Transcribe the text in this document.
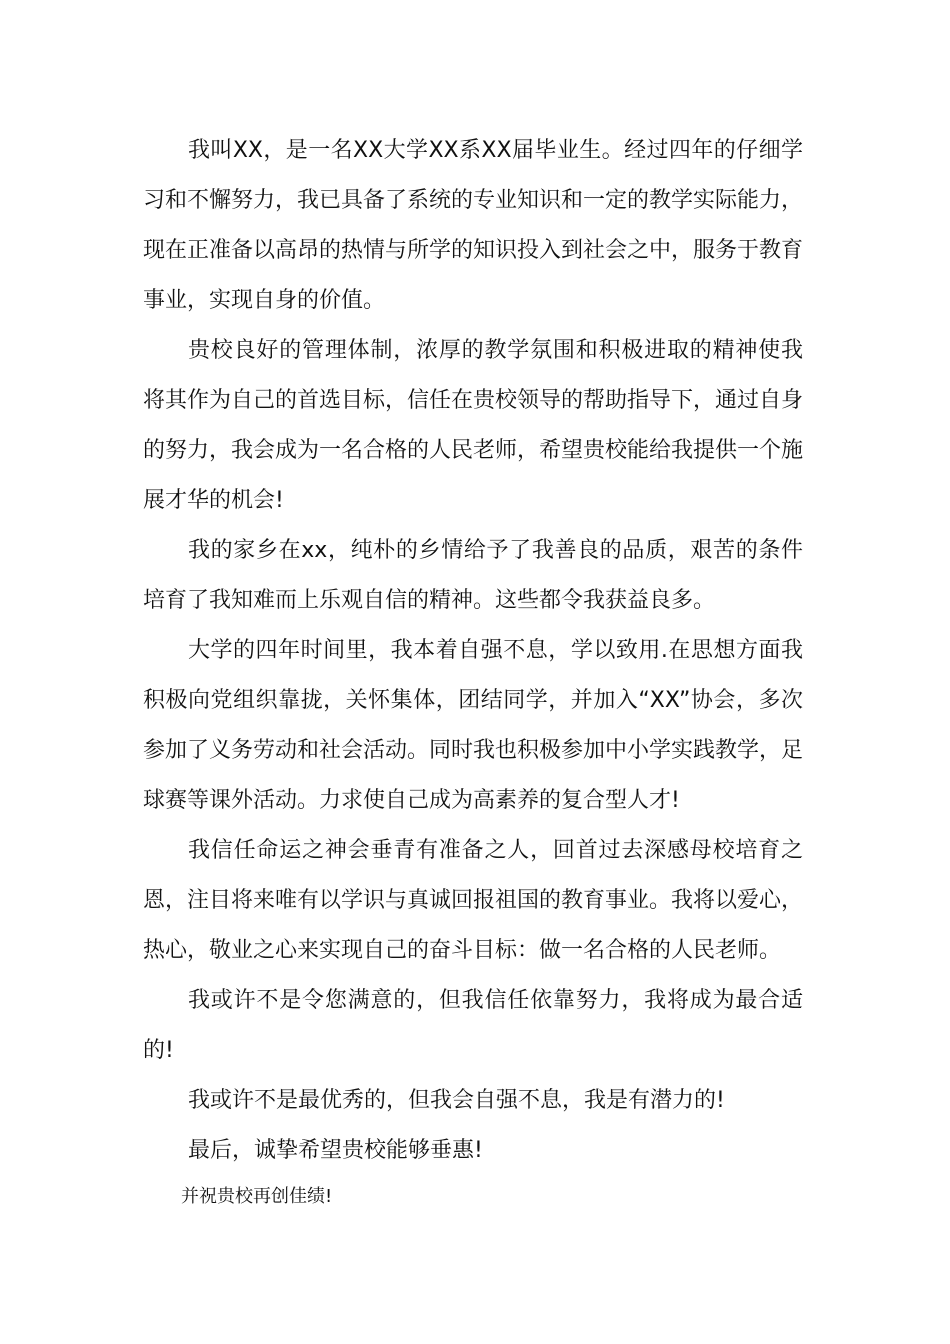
我叫XX，是一名XX大学XX系XX届毕业生。经过四年的仔细学习和不懈努力，我已具备了系统的专业知识和一定的教学实际能力，现在正准备以高昂的热情与所学的知识投入到社会之中，服务于教育事业，实现自身的价值。

贵校良好的管理体制，浓厚的教学氛围和积极进取的精神使我将其作为自己的首选目标，信任在贵校领导的帮助指导下，通过自身的努力，我会成为一名合格的人民老师，希望贵校能给我提供一个施展才华的机会!

我的家乡在xx，纯朴的乡情给予了我善良的品质，艰苦的条件培育了我知难而上乐观自信的精神。这些都令我获益良多。

大学的四年时间里，我本着自强不息，学以致用.在思想方面我积极向党组织靠拢，关怀集体，团结同学，并加入“XX”协会，多次参加了义务劳动和社会活动。同时我也积极参加中小学实践教学，足球赛等课外活动。力求使自己成为高素养的复合型人才!

我信任命运之神会垂青有准备之人，回首过去深感母校培育之恩，注目将来唯有以学识与真诚回报祖国的教育事业。我将以爱心，热心，敬业之心来实现自己的奋斗目标：做一名合格的人民老师。

我或许不是令您满意的，但我信任依靠努力，我将成为最合适的!

我或许不是最优秀的，但我会自强不息，我是有潜力的!

最后，诚挚希望贵校能够垂惠!

并祝贵校再创佳绩!
